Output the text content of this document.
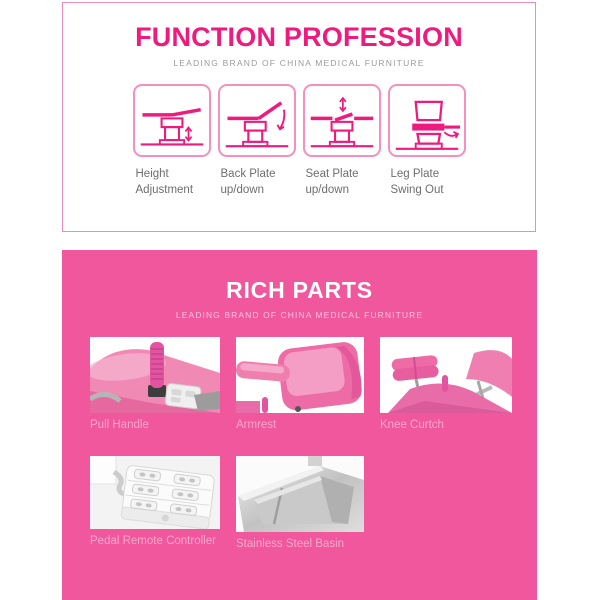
FUNCTION PROFESSION
LEADING BRAND OF CHINA MEDICAL FURNITURE
Height
Adjustment
Back Plate
up/down
Seat Plate
up/down
Leg Plate
Swing Out
RICH PARTS
LEADING BRAND OF CHINA MEDICAL FURNITURE
Pull Handle	Armrest	Knee Curtch
Pedal Remote Controller	Stainless Steel Basin
